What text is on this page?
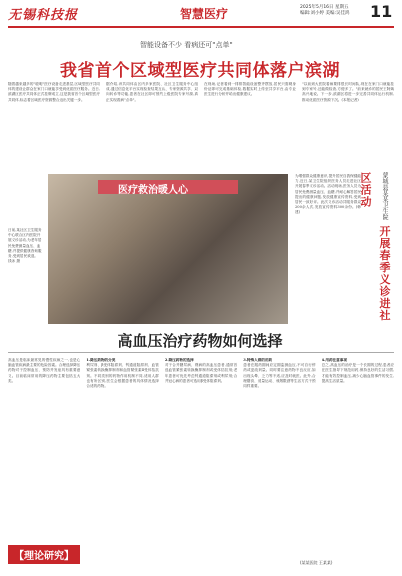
无锡科技报	智慧医疗	2025年5月16日 星期五
编辑:刘小婷 美编:吴佳鸿	11
智能设备不少 看病还可"点单"
我省首个区域型医疗共同体落户滨湖
随着越来越多的"聪明"医疗设备走进基层,区域型医疗共同体的建设让群众在家门口就能享受到优质医疗服务。近日,滨湖区医疗共同体正式挂牌成立,这是我省首个区域型医疗共同体,标志着区域医疗资源整合迈出关键一步。
据介绍,该共同体由区内多家医院、社区卫生服务中心组成,通过信息化平台实现检查结果互认、专家资源共享、双向转诊等功能,患者在社区即可预约上级医院专家号源,真正实现看病"点单"。
在现场,记者看到一排排智能设备整齐摆放,居民只需刷身份证即可完成基础体检,数据实时上传至共享平台,由专业医生进行分析并给出健康建议。
"以前到大医院看病要排很长时间队,现在在家门口就能挂到专家号,还能做检查,方便多了。"前来就诊的居民王阿姨高兴地说。下一步,滨湖区将进一步完善共同体运行机制,推动优质医疗资源下沉。(本报记者)
医疗救治暖人心
日前,某社区卫生服务中心联合区内医院开展义诊活动,为老年居民免费测量血压、血糖,并提供健康咨询服务,受到居民欢迎。 钱冰 摄
为增强群众健康意识,提升居民自我保健能力,近日,某卫生院组织医务人员走进社区开展春季义诊活动。活动现场,医务人员为居民免费测量血压、血糖,并耐心解答居民提出的健康问题,发放健康宣传资料,受到居民一致好评。此次义诊活动共服务群众200余人次,发放宣传资料300余份。(韩建)	蒙城县某某卫生院 开展春季义诊进社区活动
高血压治疗药物如何选择
高血压是临床最常见的慢性疾病之一,也是心脑血管疾病最主要的危险因素。合理选择降压药物对于控制血压、预防并发症具有重要意义。目前临床常用的降压药物主要包括五大类。
1.降压药物的分类
利尿剂、β受体阻滞剂、钙通道阻滞剂、血管紧张素转换酶抑制剂和血管紧张素Ⅱ受体拮抗剂。不同类别的药物作用机制不同,适用人群也有所区别,医生会根据患者的具体情况选择合适的药物。
2.降压药物的选择
对于合并糖尿病、肾病的高血压患者,通常首选血管紧张素转换酶抑制剂或受体拮抗剂;老年患者可优先考虑钙通道阻滞剂或利尿剂;合并冠心病的患者可选用β受体阻滞剂。
3.特殊人群的用药
患者在服药期间应定期监测血压,不可自行停药或更改剂量。同时要注意药物不良反应,如出现头晕、乏力等不适,应及时就医。此外,合理膳食、适量运动、戒烟限酒等生活方式干预同样重要。
4.用药注意事项
总之,高血压的治疗是一个长期的过程,患者应在医生指导下规范用药,保持良好的生活习惯,才能有效控制血压,减少心脑血管事件的发生,提高生活质量。
【理论研究】
(某某医院 王某某)
